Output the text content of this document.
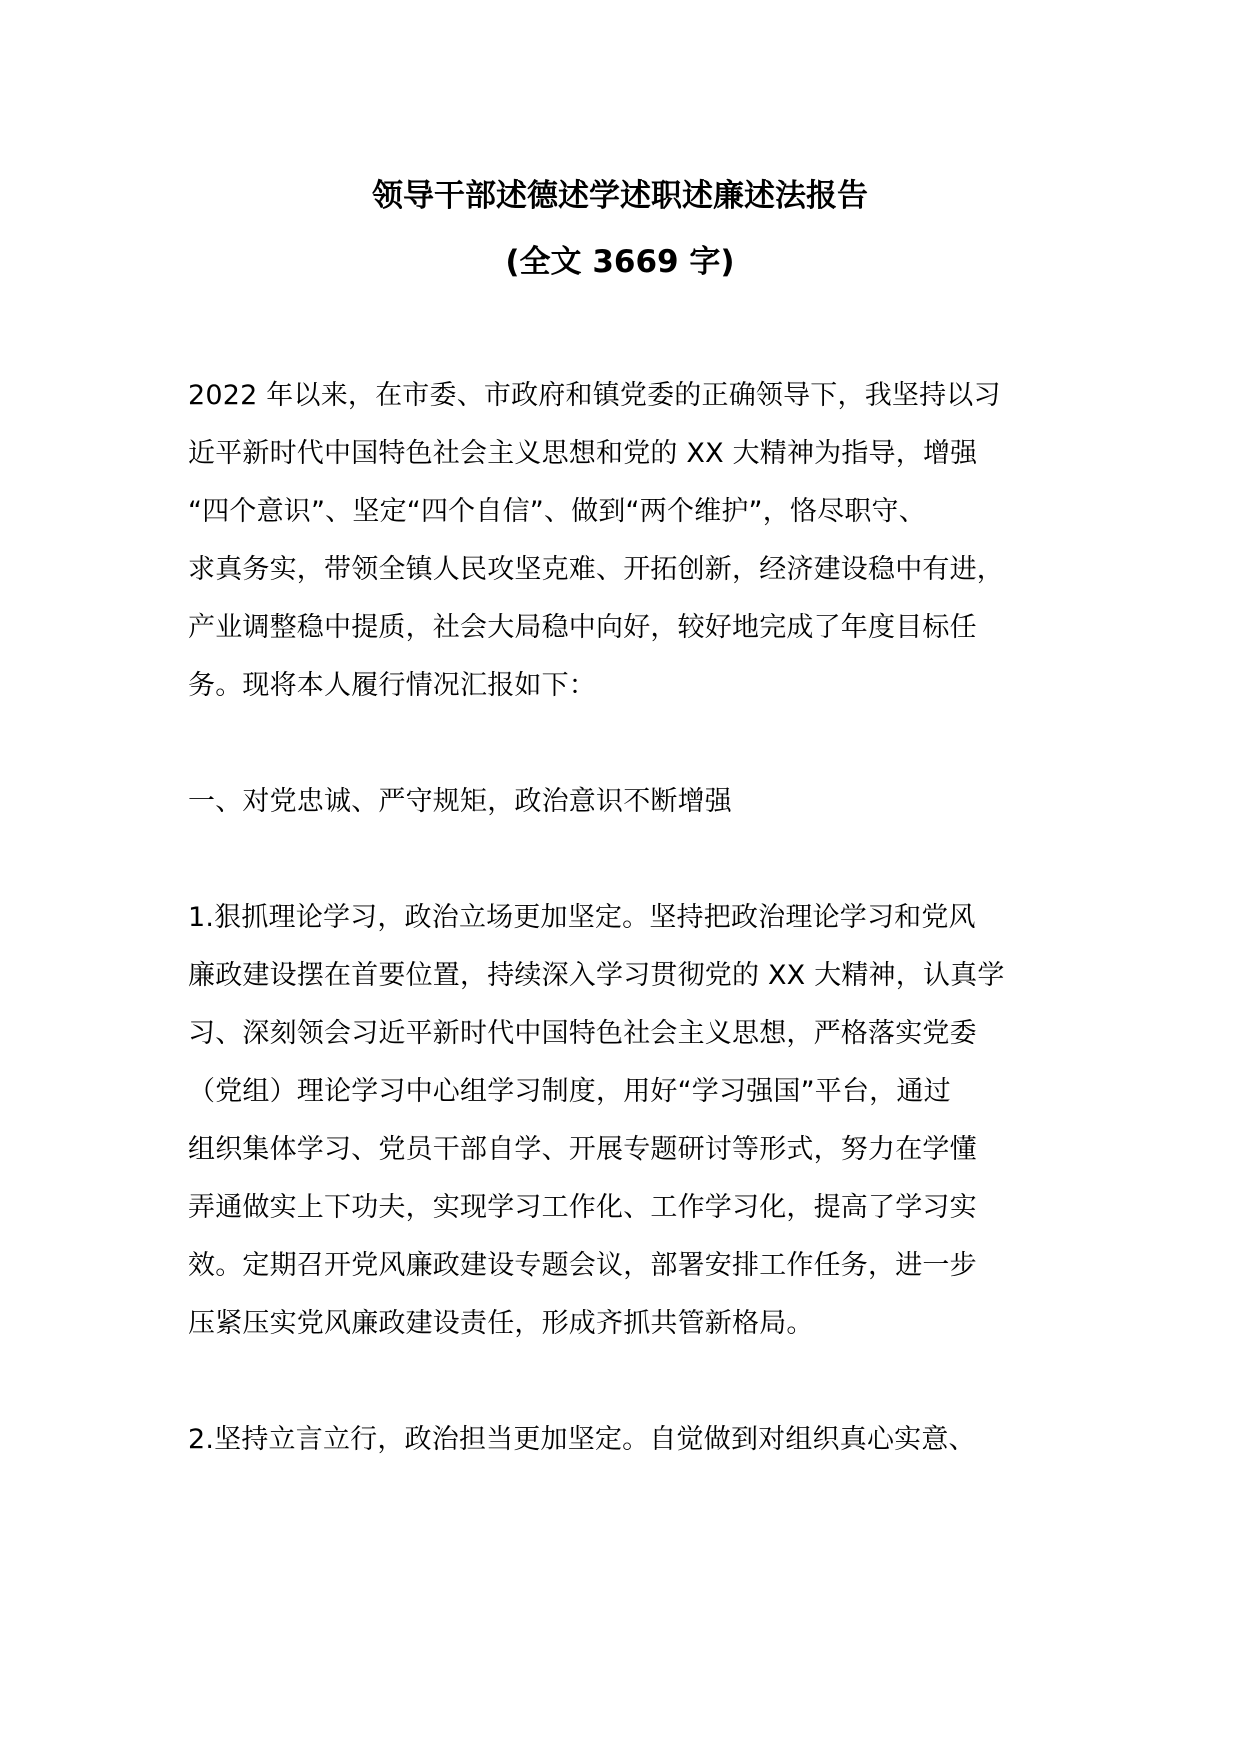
领导干部述德述学述职述廉述法报告
(全文 3669 字)
2022 年以来，在市委、市政府和镇党委的正确领导下，我坚持以习
近平新时代中国特色社会主义思想和党的 XX 大精神为指导，增强
“四个意识”、坚定“四个自信”、做到“两个维护”，恪尽职守、
求真务实，带领全镇人民攻坚克难、开拓创新，经济建设稳中有进，
产业调整稳中提质，社会大局稳中向好，较好地完成了年度目标任
务。现将本人履行情况汇报如下：
一、对党忠诚、严守规矩，政治意识不断增强
1.狠抓理论学习，政治立场更加坚定。坚持把政治理论学习和党风
廉政建设摆在首要位置，持续深入学习贯彻党的 XX 大精神，认真学
习、深刻领会习近平新时代中国特色社会主义思想，严格落实党委
（党组）理论学习中心组学习制度，用好“学习强国”平台，通过
组织集体学习、党员干部自学、开展专题研讨等形式，努力在学懂
弄通做实上下功夫，实现学习工作化、工作学习化，提高了学习实
效。定期召开党风廉政建设专题会议，部署安排工作任务，进一步
压紧压实党风廉政建设责任，形成齐抓共管新格局。
2.坚持立言立行，政治担当更加坚定。自觉做到对组织真心实意、
